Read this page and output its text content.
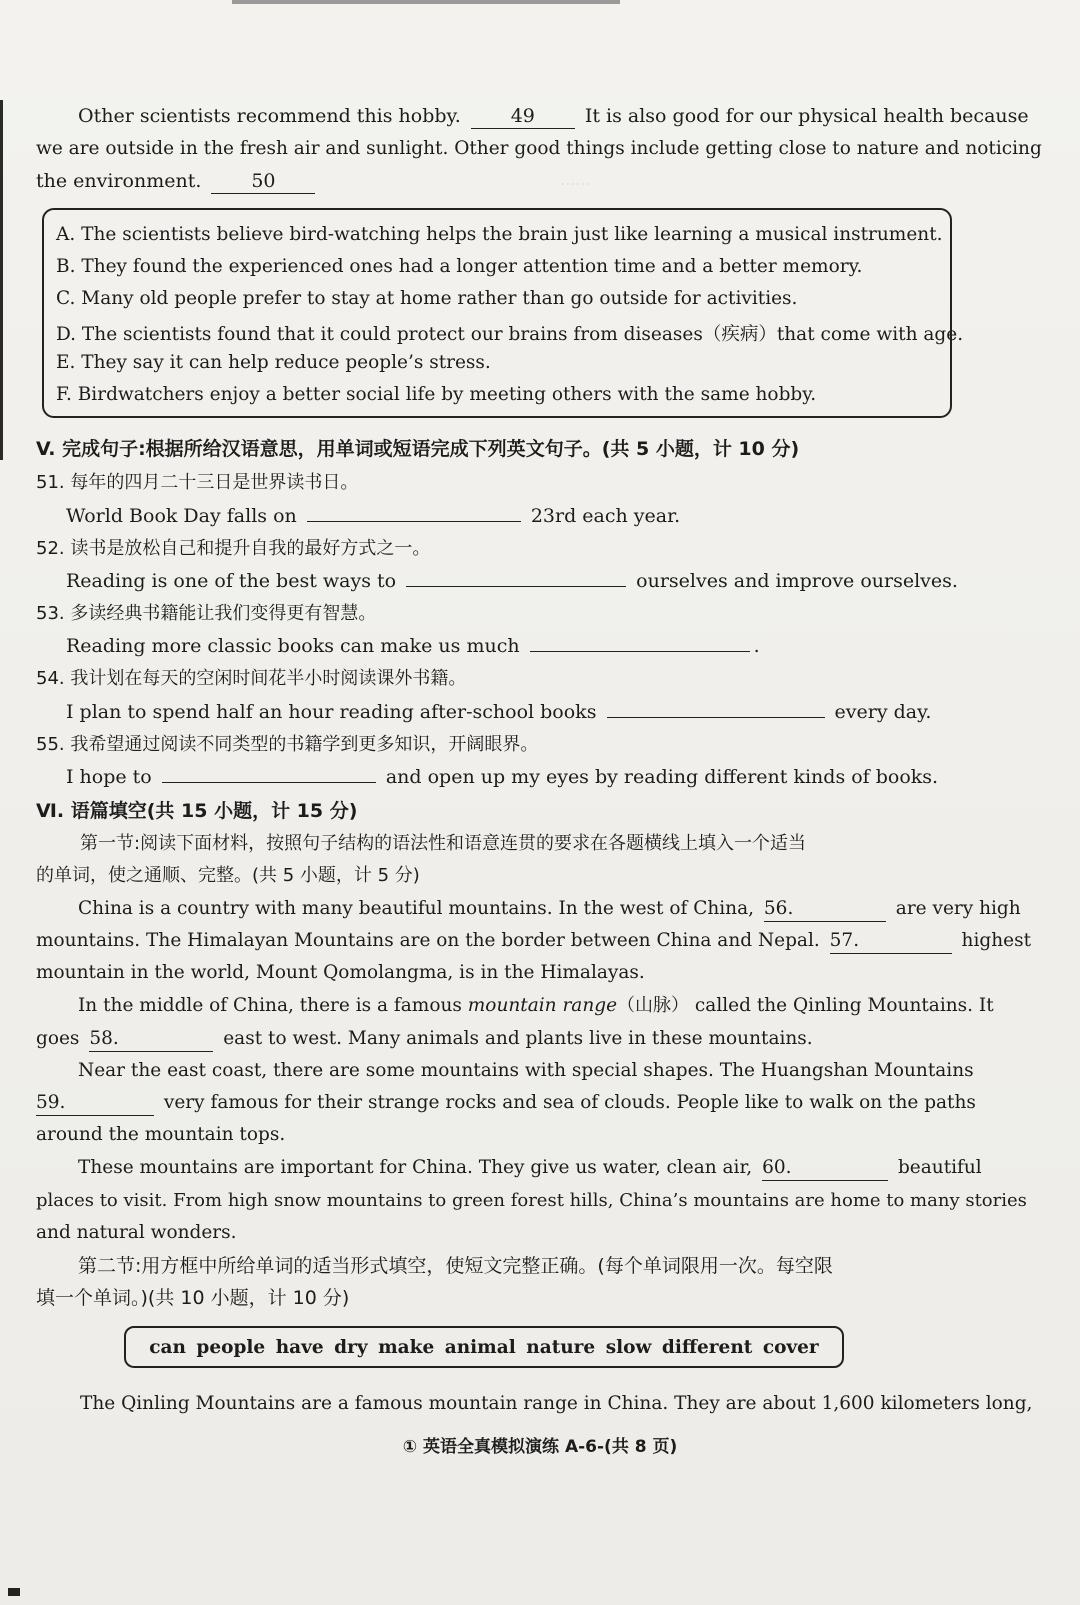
......
Other scientists recommend this hobby.	49	It is also good for our physical health because
we are outside in the fresh air and sunlight. Other good things include getting close to nature and noticing
the environment.	50
A. The scientists believe bird-watching helps the brain just like learning a musical instrument.
B. They found the experienced ones had a longer attention time and a better memory.
C. Many old people prefer to stay at home rather than go outside for activities.
D. The scientists found that it could protect our brains from diseases（疾病）that come with age.
E. They say it can help reduce people’s stress.
F. Birdwatchers enjoy a better social life by meeting others with the same hobby.
V. 完成句子:根据所给汉语意思，用单词或短语完成下列英文句子。(共 5 小题，计 10 分)
51. 每年的四月二十三日是世界读书日。
World Book Day falls on	23rd each year.
52. 读书是放松自己和提升自我的最好方式之一。
Reading is one of the best ways to	ourselves and improve ourselves.
53. 多读经典书籍能让我们变得更有智慧。
Reading more classic books can make us much	.
54. 我计划在每天的空闲时间花半小时阅读课外书籍。
I plan to spend half an hour reading after-school books	every day.
55. 我希望通过阅读不同类型的书籍学到更多知识，开阔眼界。
I hope to	and open up my eyes by reading different kinds of books.
Ⅵ. 语篇填空(共 15 小题，计 15 分)
第一节:阅读下面材料，按照句子结构的语法性和语意连贯的要求在各题横线上填入一个适当
的单词，使之通顺、完整。(共 5 小题，计 5 分)
China is a country with many beautiful mountains. In the west of China, 56.	are very high
mountains. The Himalayan Mountains are on the border between China and Nepal. 57.	highest
mountain in the world, Mount Qomolangma, is in the Himalayas.
In the middle of China, there is a famous mountain range（山脉） called the Qinling Mountains. It
goes 58.	east to west. Many animals and plants live in these mountains.
Near the east coast, there are some mountains with special shapes. The Huangshan Mountains
59.	very famous for their strange rocks and sea of clouds. People like to walk on the paths
around the mountain tops.
These mountains are important for China. They give us water, clean air, 60.	beautiful
places to visit. From high snow mountains to green forest hills, China’s mountains are home to many stories
and natural wonders.
第二节:用方框中所给单词的适当形式填空，使短文完整正确。(每个单词限用一次。每空限
填一个单词。)(共 10 小题，计 10 分)
can people have dry make animal nature slow different cover
The Qinling Mountains are a famous mountain range in China. They are about 1,600 kilometers long,
① 英语全真模拟演练 A-6-(共 8 页)
